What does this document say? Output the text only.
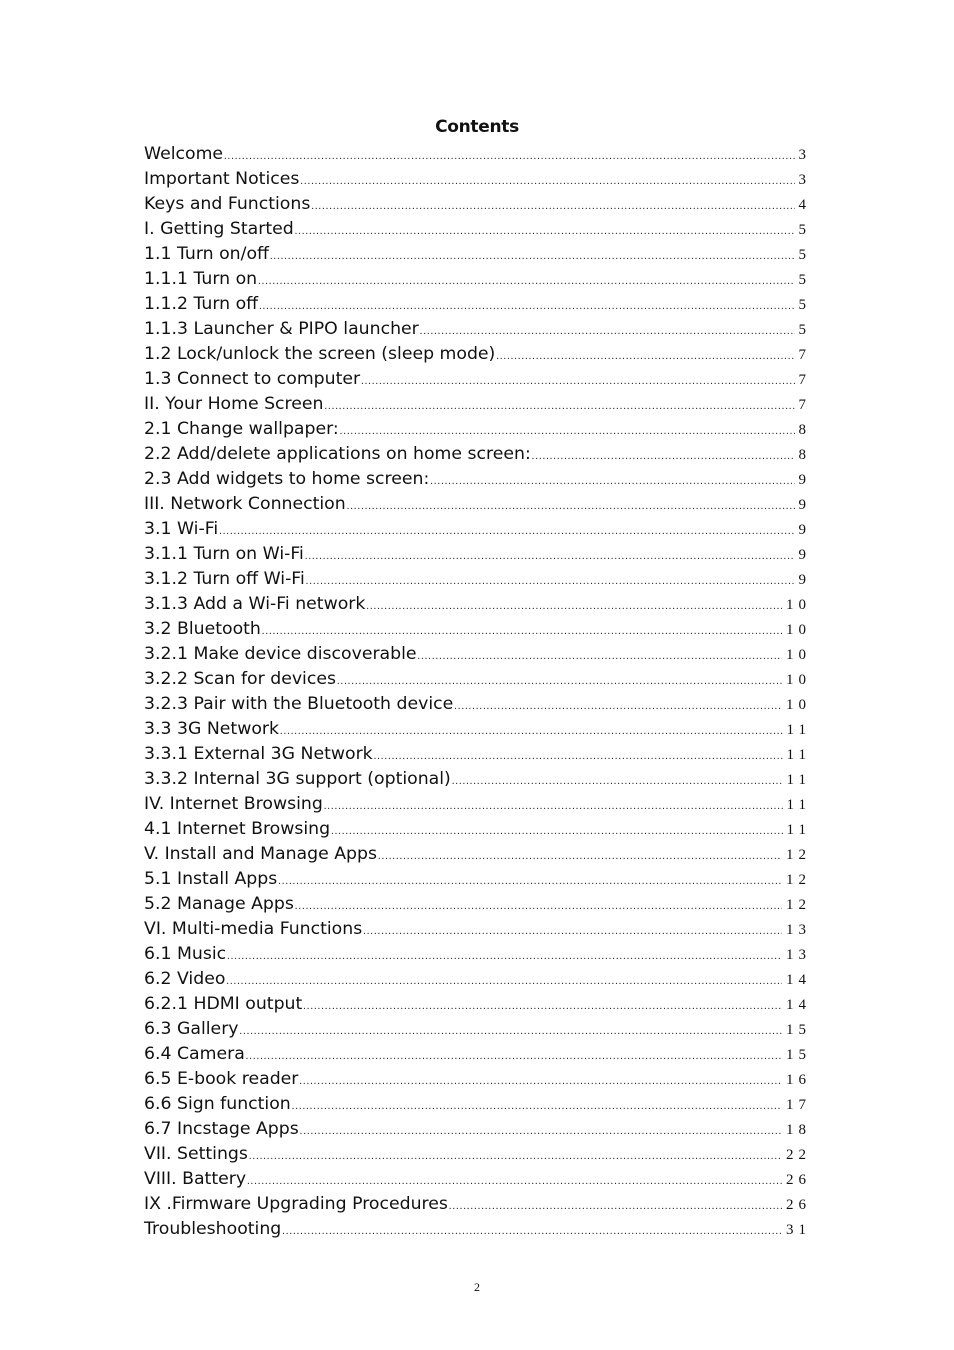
Contents
Welcome .....	3
Important Notices .....	3
Keys and Functions .....	4
I. Getting Started .....	5
1.1 Turn on/off .....	5
1.1.1 Turn on .....	5
1.1.2 Turn off .....	5
1.1.3 Launcher & PIPO launcher .....	5
1.2 Lock/unlock the screen (sleep mode) .....	7
1.3 Connect to computer .....	7
II. Your Home Screen .....	7
2.1 Change wallpaper: .....	8
2.2 Add/delete applications on home screen: .....	8
2.3 Add widgets to home screen: .....	9
III. Network Connection .....	9
3.1 Wi-Fi .....	9
3.1.1 Turn on Wi-Fi .....	9
3.1.2 Turn off Wi-Fi .....	9
3.1.3 Add a Wi-Fi network .....	10
3.2 Bluetooth .....	10
3.2.1 Make device discoverable .....	10
3.2.2 Scan for devices .....	10
3.2.3 Pair with the Bluetooth device .....	10
3.3 3G Network .....	11
3.3.1 External 3G Network .....	11
3.3.2 Internal 3G support (optional) .....	11
IV. Internet Browsing .....	11
4.1 Internet Browsing .....	11
V. Install and Manage Apps .....	12
5.1 Install Apps .....	12
5.2 Manage Apps .....	12
VI. Multi-media Functions .....	13
6.1 Music .....	13
6.2 Video .....	14
6.2.1 HDMI output .....	14
6.3 Gallery .....	15
6.4 Camera .....	15
6.5 E-book reader .....	16
6.6 Sign function .....	17
6.7 Incstage Apps .....	18
VII. Settings .....	22
VIII. Battery .....	26
IX .Firmware Upgrading Procedures .....	26
Troubleshooting .....	31
2
